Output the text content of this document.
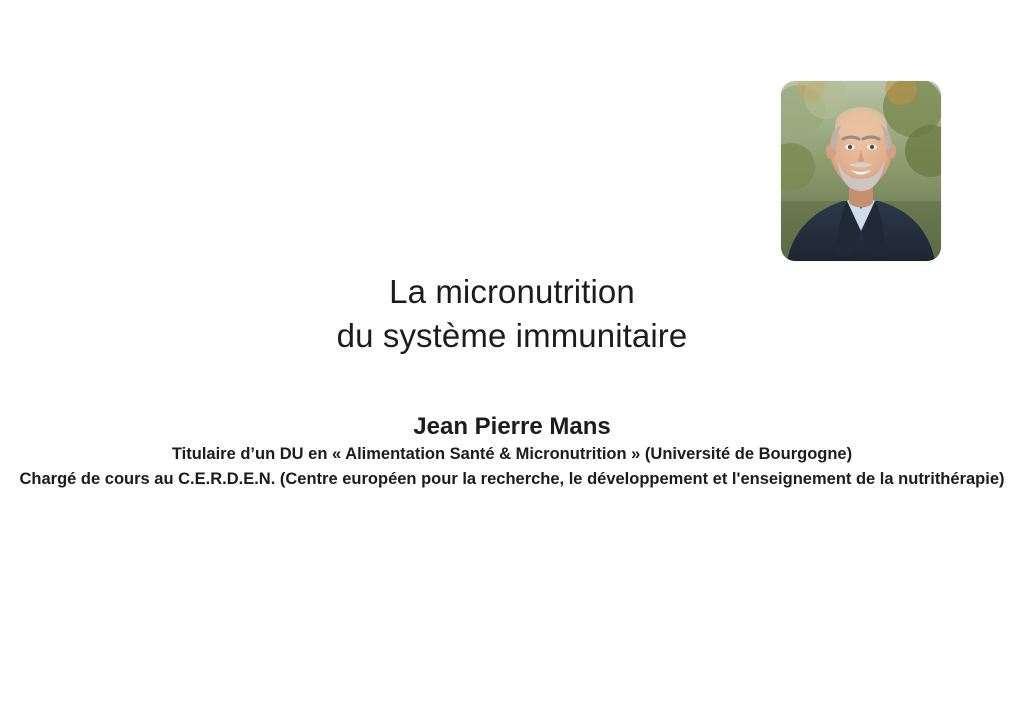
La micronutrition
du système immunitaire
Jean Pierre Mans
Titulaire d’un DU en « Alimentation Santé & Micronutrition » (Université de Bourgogne)
Chargé de cours au C.E.R.D.E.N. (Centre européen pour la recherche, le développement et l'enseignement de la nutrithérapie)
